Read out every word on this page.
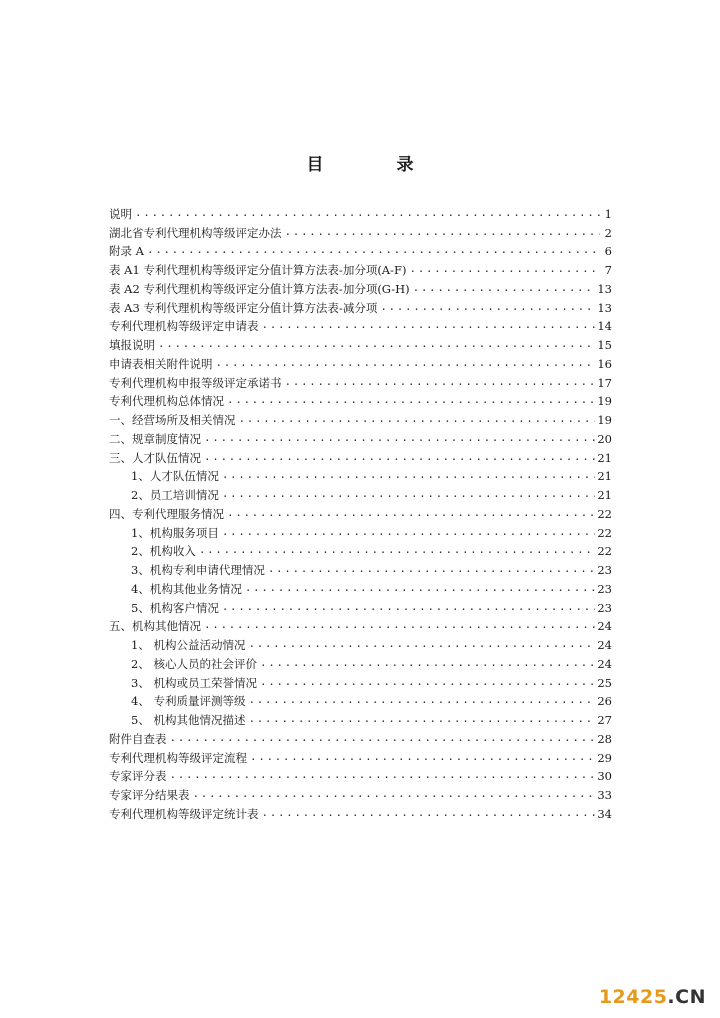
目　录
说明 .....	1
湖北省专利代理机构等级评定办法 .....	2
附录 A .....	6
表 A1 专利代理机构等级评定分值计算方法表-加分项(A-F) .....	7
表 A2 专利代理机构等级评定分值计算方法表-加分项(G-H) .....	13
表 A3 专利代理机构等级评定分值计算方法表-减分项 .....	13
专利代理机构等级评定申请表 .....	14
填报说明 .....	15
申请表相关附件说明 .....	16
专利代理机构申报等级评定承诺书 .....	17
专利代理机构总体情况 .....	19
一、经营场所及相关情况 .....	19
二、规章制度情况 .....	20
三、人才队伍情况 .....	21
1、人才队伍情况 .....	21
2、员工培训情况 .....	21
四、专利代理服务情况 .....	22
1、机构服务项目 .....	22
2、机构收入 .....	22
3、机构专利申请代理情况 .....	23
4、机构其他业务情况 .....	23
5、机构客户情况 .....	23
五、机构其他情况 .....	24
1、 机构公益活动情况 .....	24
2、 核心人员的社会评价 .....	24
3、 机构或员工荣誉情况 .....	25
4、 专利质量评测等级 .....	26
5、 机构其他情况描述 .....	27
附件自查表 .....	28
专利代理机构等级评定流程 .....	29
专家评分表 .....	30
专家评分结果表 .....	33
专利代理机构等级评定统计表 .....	34
12425.CN
